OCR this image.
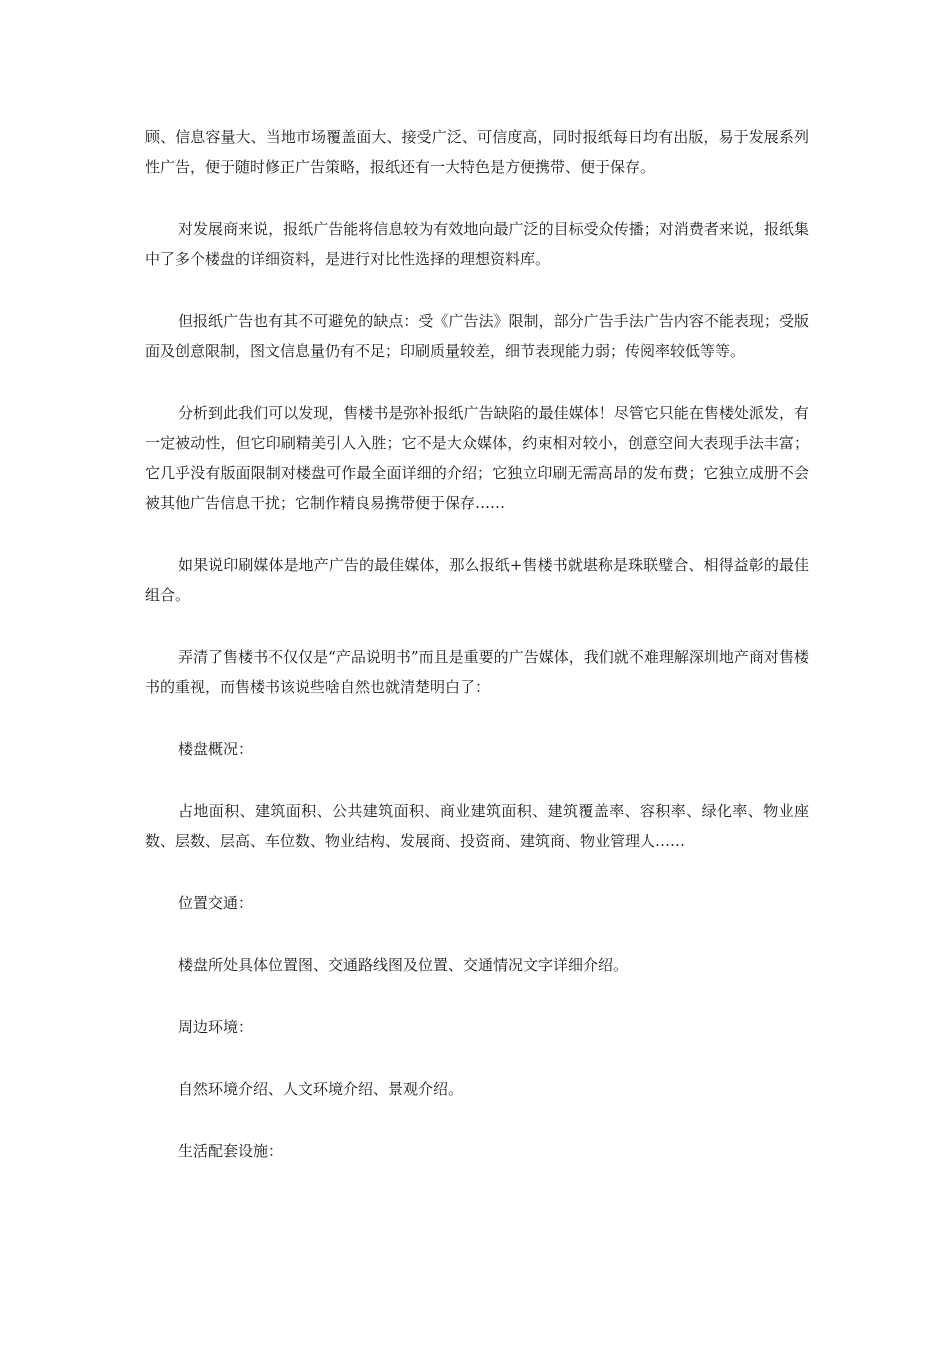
顾、信息容量大、当地市场覆盖面大、接受广泛、可信度高，同时报纸每日均有出版，易于发展系列性广告，便于随时修正广告策略，报纸还有一大特色是方便携带、便于保存。

对发展商来说，报纸广告能将信息较为有效地向最广泛的目标受众传播；对消费者来说，报纸集中了多个楼盘的详细资料，是进行对比性选择的理想资料库。

但报纸广告也有其不可避免的缺点：受《广告法》限制，部分广告手法广告内容不能表现；受版面及创意限制，图文信息量仍有不足；印刷质量较差，细节表现能力弱；传阅率较低等等。

分析到此我们可以发现，售楼书是弥补报纸广告缺陷的最佳媒体！尽管它只能在售楼处派发，有一定被动性，但它印刷精美引人入胜；它不是大众媒体，约束相对较小，创意空间大表现手法丰富；它几乎没有版面限制对楼盘可作最全面详细的介绍；它独立印刷无需高昂的发布费；它独立成册不会被其他广告信息干扰；它制作精良易携带便于保存……

如果说印刷媒体是地产广告的最佳媒体，那么报纸+售楼书就堪称是珠联璧合、相得益彰的最佳组合。

弄清了售楼书不仅仅是“产品说明书”而且是重要的广告媒体，我们就不难理解深圳地产商对售楼书的重视，而售楼书该说些啥自然也就清楚明白了：

楼盘概况：

占地面积、建筑面积、公共建筑面积、商业建筑面积、建筑覆盖率、容积率、绿化率、物业座数、层数、层高、车位数、物业结构、发展商、投资商、建筑商、物业管理人……

位置交通：

楼盘所处具体位置图、交通路线图及位置、交通情况文字详细介绍。

周边环境：

自然环境介绍、人文环境介绍、景观介绍。

生活配套设施：
